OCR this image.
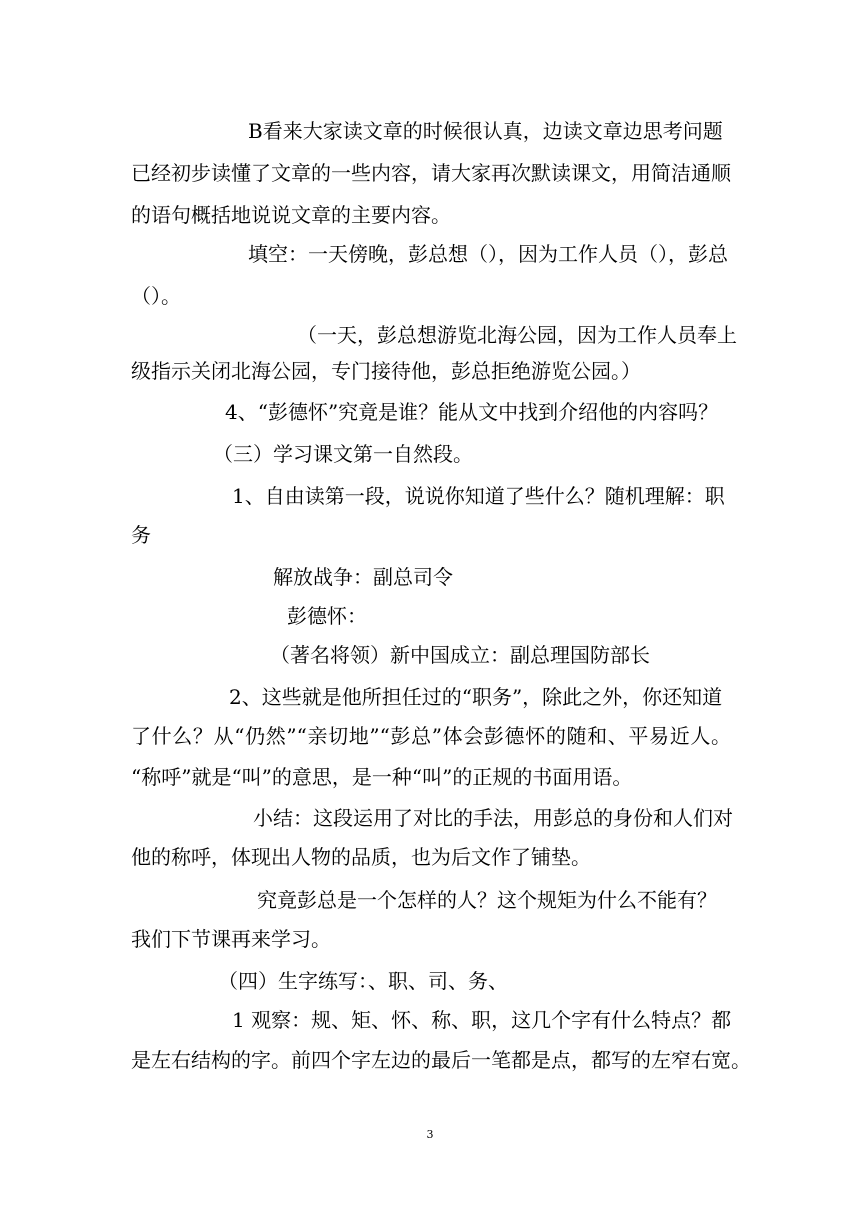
B看来大家读文章的时候很认真，边读文章边思考问题
已经初步读懂了文章的一些内容，请大家再次默读课文，用简洁通顺
的语句概括地说说文章的主要内容。
填空：一天傍晚，彭总想（），因为工作人员（），彭总
（）。
（一天，彭总想游览北海公园，因为工作人员奉上
级指示关闭北海公园，专门接待他，彭总拒绝游览公园。）
4、“彭德怀”究竟是谁？能从文中找到介绍他的内容吗？
（三）学习课文第一自然段。
1、自由读第一段，说说你知道了些什么？随机理解：职
务
解放战争：副总司令
彭德怀：
（著名将领）新中国成立：副总理国防部长
2、这些就是他所担任过的“职务”，除此之外，你还知道
了什么？从“仍然”“亲切地”“彭总”体会彭德怀的随和、平易近人。
“称呼”就是“叫”的意思，是一种“叫”的正规的书面用语。
小结：这段运用了对比的手法，用彭总的身份和人们对
他的称呼，体现出人物的品质，也为后文作了铺垫。
究竟彭总是一个怎样的人？这个规矩为什么不能有？
我们下节课再来学习。
（四）生字练写：、职、司、务、
1 观察：规、矩、怀、称、职，这几个字有什么特点？都
是左右结构的字。前四个字左边的最后一笔都是点，都写的左窄右宽。
3
